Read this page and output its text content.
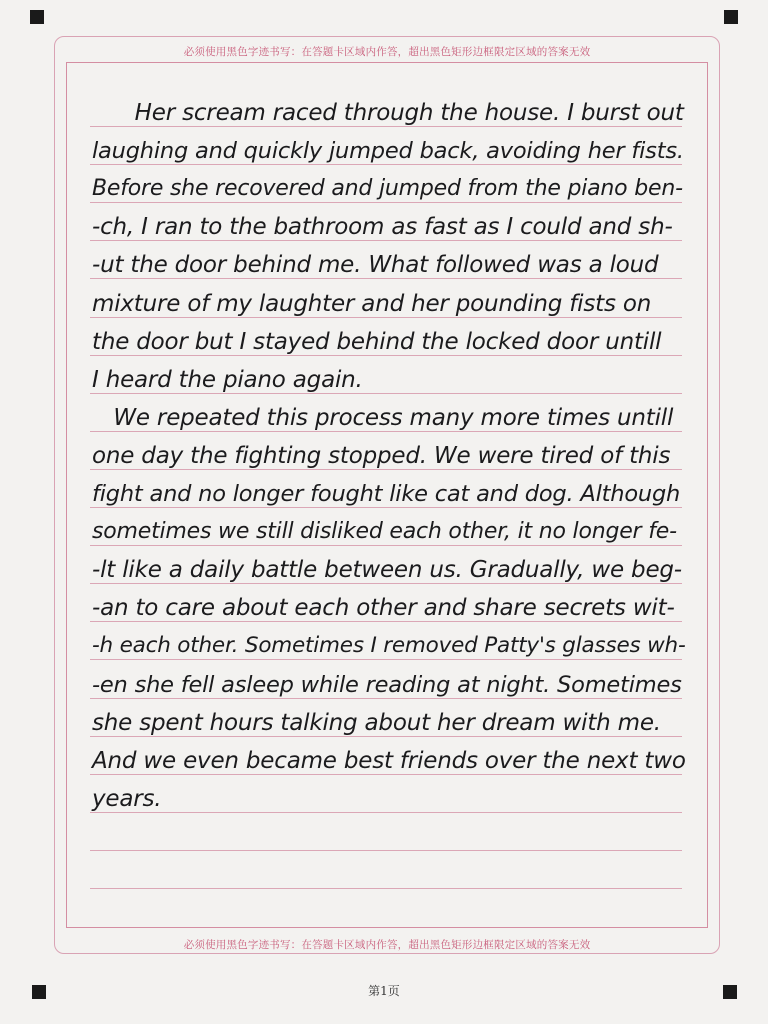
必须使用黑色字迹书写：在答题卡区域内作答，超出黑色矩形边框限定区域的答案无效
必须使用黑色字迹书写：在答题卡区域内作答，超出黑色矩形边框限定区域的答案无效
Her scream raced through the house. I burst out
laughing and quickly jumped back, avoiding her fists.
Before she recovered and jumped from the piano ben-
-ch, I ran to the bathroom as fast as I could and sh-
-ut the door behind me. What followed was a loud
mixture of my laughter and her pounding fists on
the door but I stayed behind the locked door untill
I heard the piano again.
We repeated this process many more times untill
one day the fighting stopped. We were tired of this
fight and no longer fought like cat and dog. Although
sometimes we still disliked each other, it no longer fe-
-lt like a daily battle between us. Gradually, we beg-
-an to care about each other and share secrets wit-
-h each other. Sometimes I removed Patty's glasses wh-
-en she fell asleep while reading at night. Sometimes
she spent hours talking about her dream with me.
And we even became best friends over the next two
years.
第1页
